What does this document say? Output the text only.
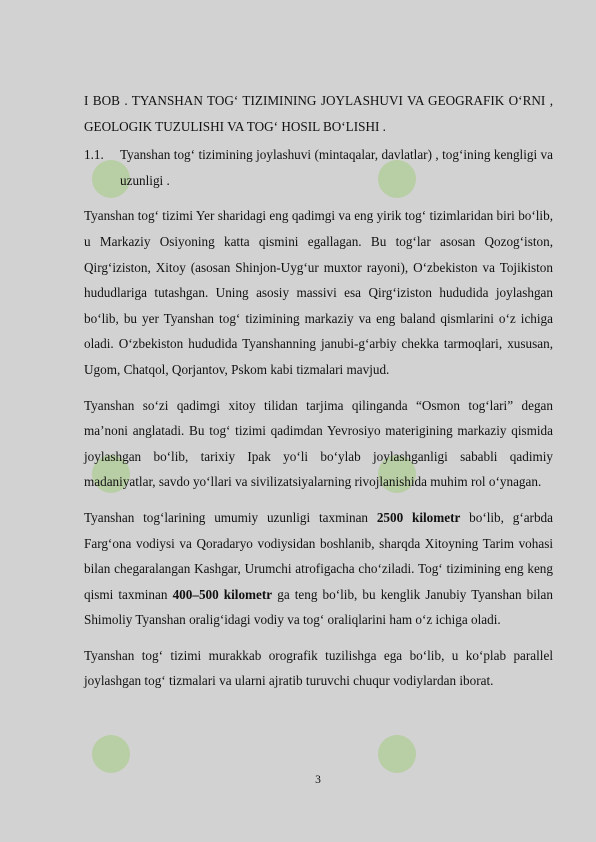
I BOB . TYANSHAN TOG‘ TIZIMINING JOYLASHUVI VA GEOGRAFIK O‘RNI , GEOLOGIK TUZULISHI VA TOG‘ HOSIL BO‘LISHI .
1.1.	Tyanshan tog‘ tizimining joylashuvi (mintaqalar, davlatlar) , tog‘ining kengligi va uzunligi .

Tyanshan tog‘ tizimi Yer sharidagi eng qadimgi va eng yirik tog‘ tizimlaridan biri bo‘lib, u Markaziy Osiyoning katta qismini egallagan. Bu tog‘lar asosan Qozog‘iston, Qirg‘iziston, Xitoy (asosan Shinjon-Uyg‘ur muxtor rayoni), O‘zbekiston va Tojikiston hududlariga tutashgan. Uning asosiy massivi esa Qirg‘iziston hududida joylashgan bo‘lib, bu yer Tyanshan tog‘ tizimining markaziy va eng baland qismlarini o‘z ichiga oladi. O‘zbekiston hududida Tyanshanning janubi-g‘arbiy chekka tarmoqlari, xususan, Ugom, Chatqol, Qorjantov, Pskom kabi tizmalari mavjud.

Tyanshan so‘zi qadimgi xitoy tilidan tarjima qilinganda “Osmon tog‘lari” degan ma’noni anglatadi. Bu tog‘ tizimi qadimdan Yevrosiyo materigining markaziy qismida joylashgan bo‘lib, tarixiy Ipak yo‘li bo‘ylab joylashganligi sababli qadimiy madaniyatlar, savdo yo‘llari va sivilizatsiyalarning rivojlanishida muhim rol o‘ynagan.

Tyanshan tog‘larining umumiy uzunligi taxminan 2500 kilometr bo‘lib, g‘arbda Farg‘ona vodiysi va Qoradaryo vodiysidan boshlanib, sharqda Xitoyning Tarim vohasi bilan chegaralangan Kashgar, Urumchi atrofigacha cho‘ziladi. Tog‘ tizimining eng keng qismi taxminan 400–500 kilometr ga teng bo‘lib, bu kenglik Janubiy Tyanshan bilan Shimoliy Tyanshan oralig‘idagi vodiy va tog‘ oraliqlarini ham o‘z ichiga oladi.

Tyanshan tog‘ tizimi murakkab orografik tuzilishga ega bo‘lib, u ko‘plab parallel joylashgan tog‘ tizmalari va ularni ajratib turuvchi chuqur vodiylardan iborat.

3
